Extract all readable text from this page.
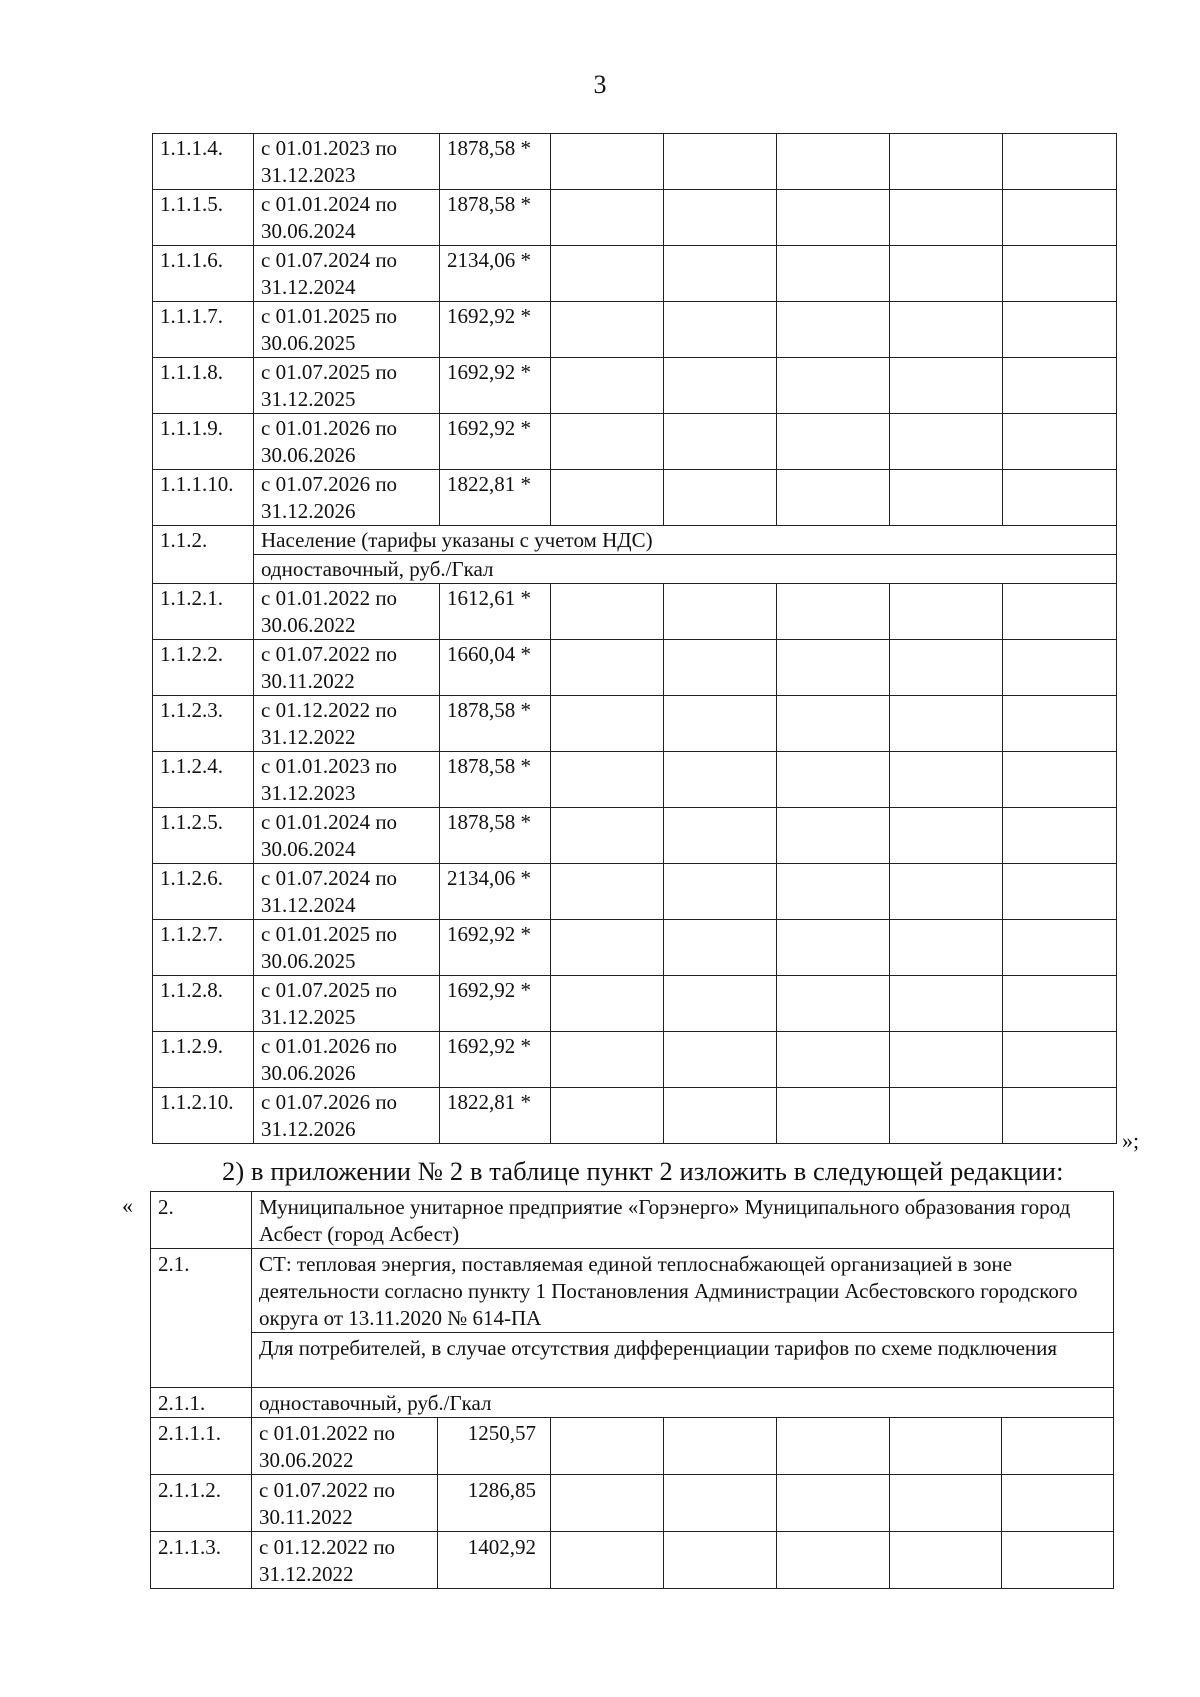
3
1.1.1.4.	с 01.01.2023 по 31.12.2023	1878,58 *					
1.1.1.5.	с 01.01.2024 по 30.06.2024	1878,58 *					
1.1.1.6.	с 01.07.2024 по 31.12.2024	2134,06 *					
1.1.1.7.	с 01.01.2025 по 30.06.2025	1692,92 *					
1.1.1.8.	с 01.07.2025 по 31.12.2025	1692,92 *					
1.1.1.9.	с 01.01.2026 по 30.06.2026	1692,92 *					
1.1.1.10.	с 01.07.2026 по 31.12.2026	1822,81 *					
1.1.2.	Население (тарифы указаны с учетом НДС)						
	одноставочный, руб./Гкал						
1.1.2.1.	с 01.01.2022 по 30.06.2022	1612,61 *					
1.1.2.2.	с 01.07.2022 по 30.11.2022	1660,04 *					
1.1.2.3.	с 01.12.2022 по 31.12.2022	1878,58 *					
1.1.2.4.	с 01.01.2023 по 31.12.2023	1878,58 *					
1.1.2.5.	с 01.01.2024 по 30.06.2024	1878,58 *					
1.1.2.6.	с 01.07.2024 по 31.12.2024	2134,06 *					
1.1.2.7.	с 01.01.2025 по 30.06.2025	1692,92 *					
1.1.2.8.	с 01.07.2025 по 31.12.2025	1692,92 *					
1.1.2.9.	с 01.01.2026 по 30.06.2026	1692,92 *					
1.1.2.10.	с 01.07.2026 по 31.12.2026	1822,81 *					
»;
2) в приложении № 2 в таблице пункт 2 изложить в следующей редакции:
« 2.	Муниципальное унитарное предприятие «Горэнерго» Муниципального образования город Асбест (город Асбест)						
2.1.	СТ: тепловая энергия, поставляемая единой теплоснабжающей организацией в зоне деятельности согласно пункту 1 Постановления Администрации Асбестовского городского округа от 13.11.2020 № 614-ПА						
	Для потребителей, в случае отсутствия дифференциации тарифов по схеме подключения						
2.1.1.	одноставочный, руб./Гкал						
2.1.1.1.	с 01.01.2022 по 30.06.2022	1250,57					
2.1.1.2.	с 01.07.2022 по 30.11.2022	1286,85					
2.1.1.3.	с 01.12.2022 по 31.12.2022	1402,92					
